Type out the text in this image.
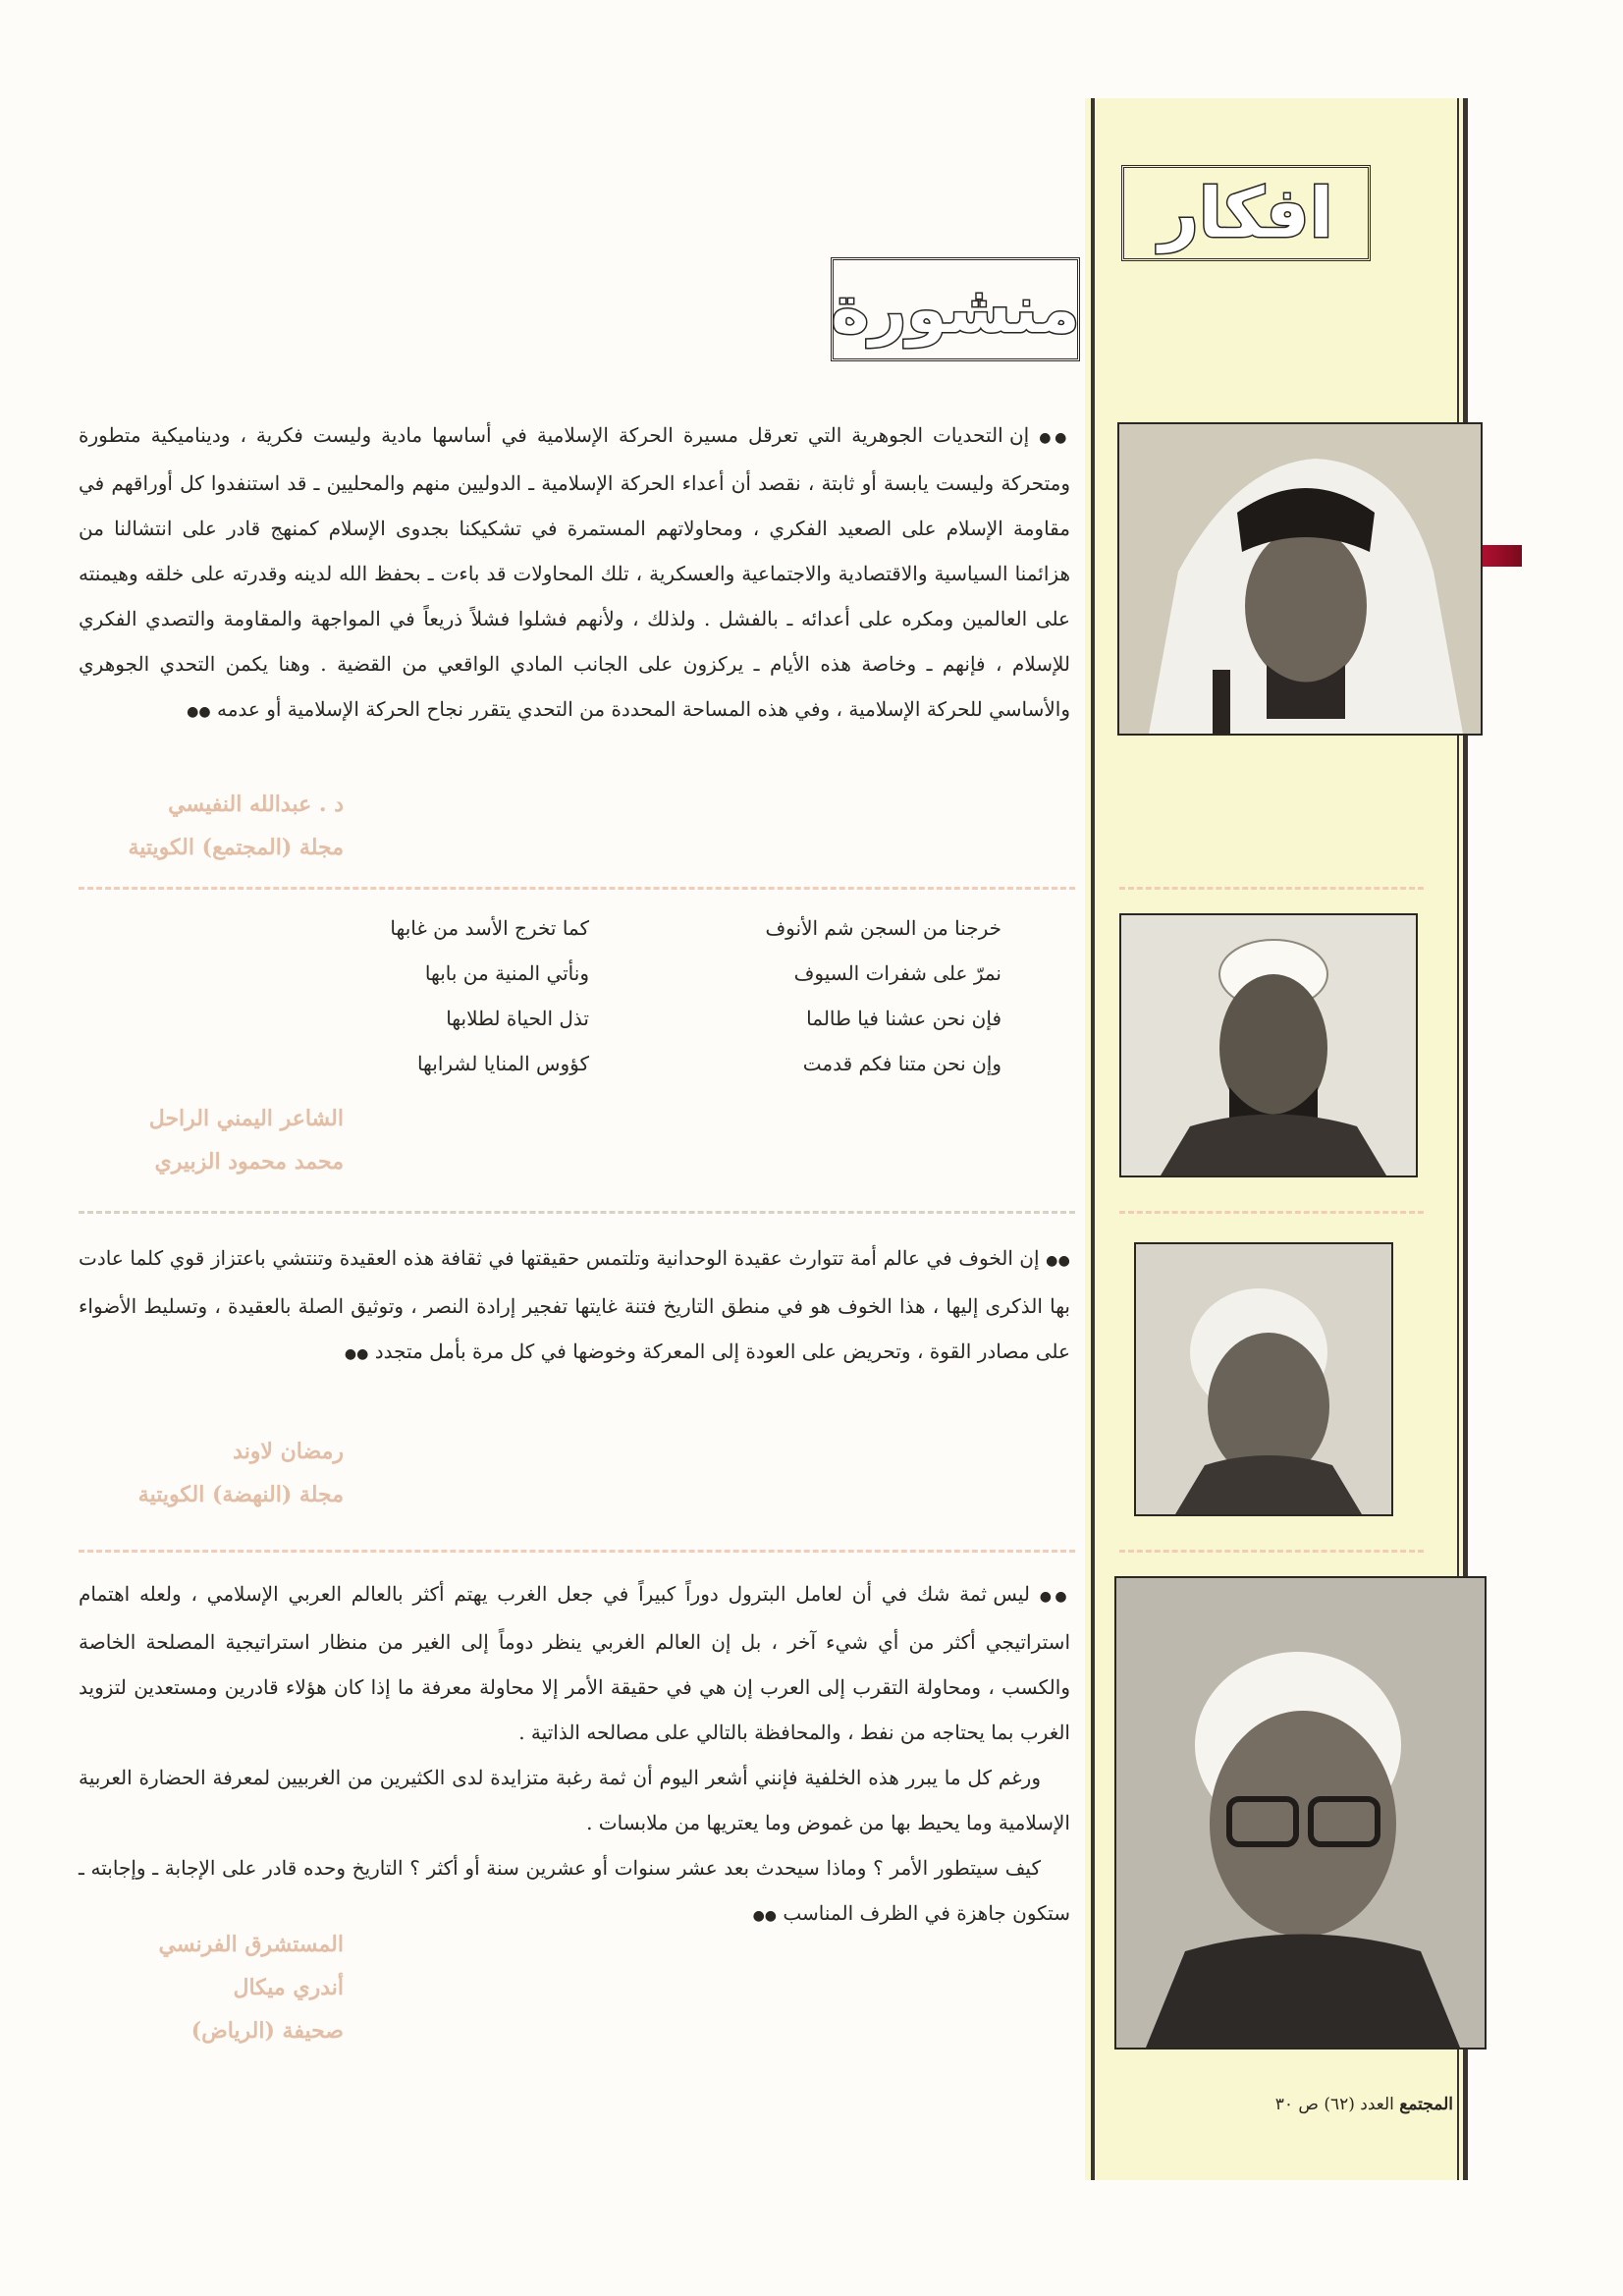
افكار
منشورة

●● إن التحديات الجوهرية التي تعرقل مسيرة الحركة الإسلامية في أساسها مادية وليست فكرية ، وديناميكية متطورة ومتحركة وليست يابسة أو ثابتة ، نقصد أن أعداء الحركة الإسلامية ـ الدوليين منهم والمحليين ـ قد استنفدوا كل أوراقهم في مقاومة الإسلام على الصعيد الفكري ، ومحاولاتهم المستمرة في تشكيكنا بجدوى الإسلام كمنهج قادر على انتشالنا من هزائمنا السياسية والاقتصادية والاجتماعية والعسكرية ، تلك المحاولات قد باءت ـ بحفظ الله لدينه وقدرته على خلقه وهيمنته على العالمين ومكره على أعدائه ـ بالفشل . ولذلك ، ولأنهم فشلوا فشلاً ذريعاً في المواجهة والمقاومة والتصدي الفكري للإسلام ، فإنهم ـ وخاصة هذه الأيام ـ يركزون على الجانب المادي الواقعي من القضية . وهنا يكمن التحدي الجوهري والأساسي للحركة الإسلامية ، وفي هذه المساحة المحددة من التحدي يتقرر نجاح الحركة الإسلامية أو عدمه ●●

د . عبدالله النفيسي
مجلة (المجتمع) الكويتية
خرجنا من السجن شم الأنوف
كما تخرج الأسد من غابها
نمرّ على شفرات السيوف
ونأتي المنية من بابها
فإن نحن عشنا فيا طالما
تذل الحياة لطلابها
وإن نحن متنا فكم قدمت
كؤوس المنايا لشرابها
الشاعر اليمني الراحل
محمد محمود الزبيري

●● إن الخوف في عالم أمة تتوارث عقيدة الوحدانية وتلتمس حقيقتها في ثقافة هذه العقيدة وتنتشي باعتزاز قوي كلما عادت بها الذكرى إليها ، هذا الخوف هو في منطق التاريخ فتنة غايتها تفجير إرادة النصر ، وتوثيق الصلة بالعقيدة ، وتسليط الأضواء على مصادر القوة ، وتحريض على العودة إلى المعركة وخوضها في كل مرة بأمل متجدد ●●

رمضان لاوند
مجلة (النهضة) الكويتية

●● ليس ثمة شك في أن لعامل البترول دوراً كبيراً في جعل الغرب يهتم أكثر بالعالم العربي الإسلامي ، ولعله اهتمام استراتيجي أكثر من أي شيء آخر ، بل إن العالم الغربي ينظر دوماً إلى الغير من منظار استراتيجية المصلحة الخاصة والكسب ، ومحاولة التقرب إلى العرب إن هي في حقيقة الأمر إلا محاولة معرفة ما إذا كان هؤلاء قادرين ومستعدين لتزويد الغرب بما يحتاجه من نفط ، والمحافظة بالتالي على مصالحه الذاتية .

ورغم كل ما يبرر هذه الخلفية فإنني أشعر اليوم أن ثمة رغبة متزايدة لدى الكثيرين من الغربيين لمعرفة الحضارة العربية الإسلامية وما يحيط بها من غموض وما يعتريها من ملابسات .

كيف سيتطور الأمر ؟ وماذا سيحدث بعد عشر سنوات أو عشرين سنة أو أكثر ؟ التاريخ وحده قادر على الإجابة ـ وإجابته ـ ستكون جاهزة في الظرف المناسب ●●

المستشرق الفرنسي
أندري ميكال
صحيفة (الرياض)
المجتمع العدد (٦٢) ص ٣٠
